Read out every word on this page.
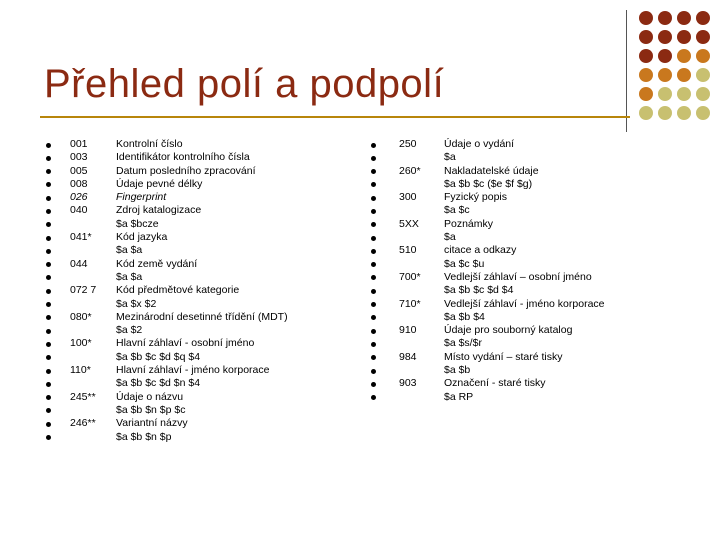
Přehled polí a podpolí
001	Kontrolní číslo
003	Identifikátor kontrolního čísla
005	Datum posledního zpracování
008	Údaje pevné délky
026	Fingerprint
040	Zdroj katalogizace
$a $bcze
041* Kód jazyka
$a $a
044	Kód země vydání
$a $a
072 7 Kód předmětové kategorie
$a $x $2
080* Mezinárodní desetinné třídění (MDT)
$a $2
100* Hlavní záhlaví - osobní jméno
$a $b $c $d $q $4
110* Hlavní záhlaví - jméno korporace
$a $b $c $d $n $4
245** Údaje o názvu
$a $b $n $p $c
246** Variantní názvy
$a $b $n $p
250	Údaje o vydání
$a
260* Nakladatelské údaje
$a $b $c ($e $f $g)
300	Fyzický popis
$a $c
5XX Poznámky
$a
510	citace a odkazy
$a $c $u
700* Vedlejší záhlaví – osobní jméno
$a $b $c $d $4
710* Vedlejší záhlaví - jméno korporace
$a $b $4
910	Údaje pro souborný katalog
$a $s/$r
984	Místo vydání – staré tisky
$a $b
903	Označení - staré tisky
$a RP
